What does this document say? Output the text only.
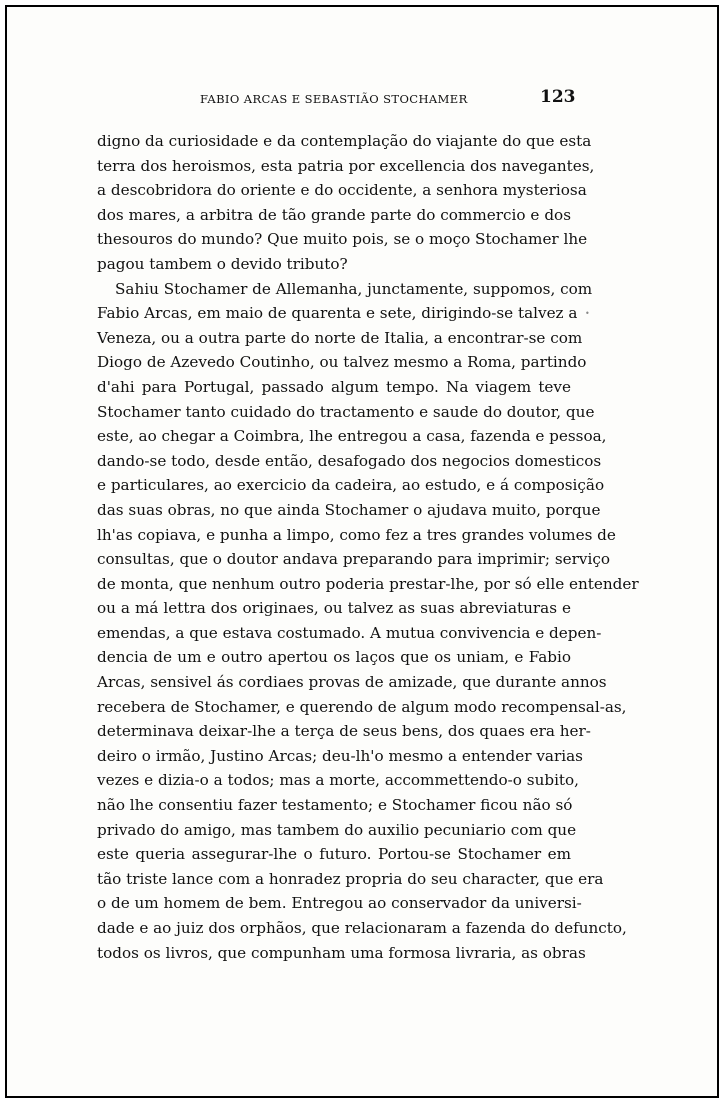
FABIO ARCAS E SEBASTIÃO STOCHAMER	123
•
digno da curiosidade e da contemplação do viajante do que esta
terra dos heroismos, esta patria por excellencia dos navegantes,
a descobridora do oriente e do occidente, a senhora mysteriosa
dos mares, a arbitra de tão grande parte do commercio e dos
thesouros do mundo? Que muito pois, se o moço Stochamer lhe
pagou tambem o devido tributo?
Sahiu Stochamer de Allemanha, junctamente, suppomos, com
Fabio Arcas, em maio de quarenta e sete, dirigindo-se talvez a
Veneza, ou a outra parte do norte de Italia, a encontrar-se com
Diogo de Azevedo Coutinho, ou talvez mesmo a Roma, partindo
d'ahi para Portugal, passado algum tempo. Na viagem teve
Stochamer tanto cuidado do tractamento e saude do doutor, que
este, ao chegar a Coimbra, lhe entregou a casa, fazenda e pessoa,
dando-se todo, desde então, desafogado dos negocios domesticos
e particulares, ao exercicio da cadeira, ao estudo, e á composição
das suas obras, no que ainda Stochamer o ajudava muito, porque
lh'as copiava, e punha a limpo, como fez a tres grandes volumes de
consultas, que o doutor andava preparando para imprimir; serviço
de monta, que nenhum outro poderia prestar-lhe, por só elle entender
ou a má lettra dos originaes, ou talvez as suas abreviaturas e
emendas, a que estava costumado. A mutua convivencia e depen-
dencia de um e outro apertou os laços que os uniam, e Fabio
Arcas, sensivel ás cordiaes provas de amizade, que durante annos
recebera de Stochamer, e querendo de algum modo recompensal-as,
determinava deixar-lhe a terça de seus bens, dos quaes era her-
deiro o irmão, Justino Arcas; deu-lh'o mesmo a entender varias
vezes e dizia-o a todos; mas a morte, accommettendo-o subito,
não lhe consentiu fazer testamento; e Stochamer ficou não só
privado do amigo, mas tambem do auxilio pecuniario com que
este queria assegurar-lhe o futuro. Portou-se Stochamer em
tão triste lance com a honradez propria do seu character, que era
o de um homem de bem. Entregou ao conservador da universi-
dade e ao juiz dos orphãos, que relacionaram a fazenda do defuncto,
todos os livros, que compunham uma formosa livraria, as obras
